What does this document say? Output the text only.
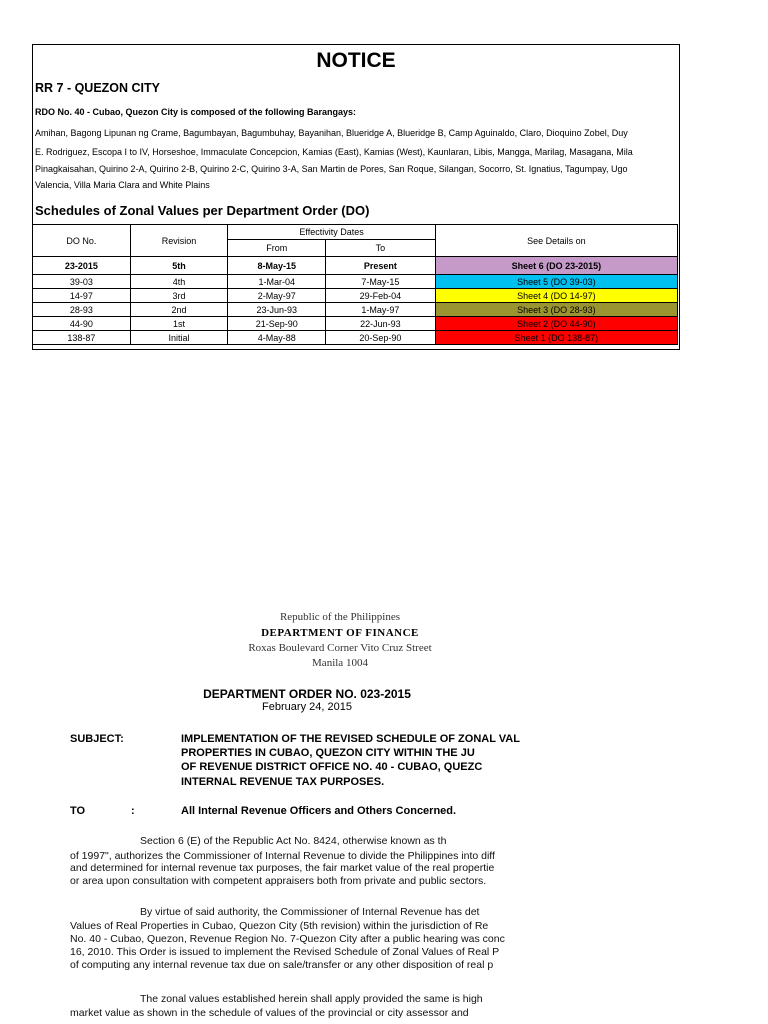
NOTICE
RR 7 - QUEZON CITY
RDO No. 40 - Cubao, Quezon City is composed of the following Barangays:
Amihan, Bagong Lipunan ng Crame, Bagumbayan, Bagumbuhay, Bayanihan, Blueridge A, Blueridge B, Camp Aguinaldo, Claro, Dioquino Zobel, Duy
E. Rodriguez, Escopa I to IV, Horseshoe, Immaculate Concepcion, Kamias (East), Kamias (West), Kaunlaran, Libis, Mangga, Marilag, Masagana, Mila
Pinagkaisahan, Quirino 2-A, Quirino 2-B, Quirino 2-C, Quirino 3-A, San Martin de Pores, San Roque, Silangan, Socorro, St. Ignatius, Tagumpay, Ugo
Valencia, Villa Maria Clara and White Plains
Schedules of Zonal Values per Department Order (DO)
DO No.	Revision	Effectivity Dates		See Details on
		From	To	
23-2015	5th	8-May-15	Present	Sheet 6 (DO 23-2015)
39-03	4th	1-Mar-04	7-May-15	Sheet 5 (DO 39-03)
14-97	3rd	2-May-97	29-Feb-04	Sheet 4 (DO 14-97)
28-93	2nd	23-Jun-93	1-May-97	Sheet 3 (DO 28-93)
44-90	1st	21-Sep-90	22-Jun-93	Sheet 2 (DO 44-90)
138-87	Initial	4-May-88	20-Sep-90	Sheet 1 (DO 138-87)
Republic of the Philippines
DEPARTMENT OF FINANCE
Roxas Boulevard Corner Vito Cruz Street
Manila 1004
DEPARTMENT ORDER NO. 023-2015
February 24, 2015
SUBJECT:	IMPLEMENTATION OF THE REVISED SCHEDULE OF ZONAL VAL
PROPERTIES IN CUBAO, QUEZON CITY WITHIN THE JU
OF REVENUE DISTRICT OFFICE NO. 40 - CUBAO, QUEZC
INTERNAL REVENUE TAX PURPOSES.
TO	:	All Internal Revenue Officers and Others Concerned.
Section 6 (E) of the Republic Act No. 8424, otherwise known as th
of 1997", authorizes the Commissioner of Internal Revenue to divide the Philippines into diff
and determined for internal revenue tax purposes, the fair market value of the real propertie
or area upon consultation with competent appraisers both from private and public sectors.
By virtue of said authority, the Commissioner of Internal Revenue has det
Values of Real Properties in Cubao, Quezon City (5th revision) within the jurisdiction of Re
No. 40 - Cubao, Quezon, Revenue Region No. 7-Quezon City after a public hearing was conc
16, 2010. This Order is issued to implement the Revised Schedule of Zonal Values of Real P
of computing any internal revenue tax due on sale/transfer or any other disposition of real p
The zonal values established herein shall apply provided the same is high
market value as shown in the schedule of values of the provincial or city assessor and
